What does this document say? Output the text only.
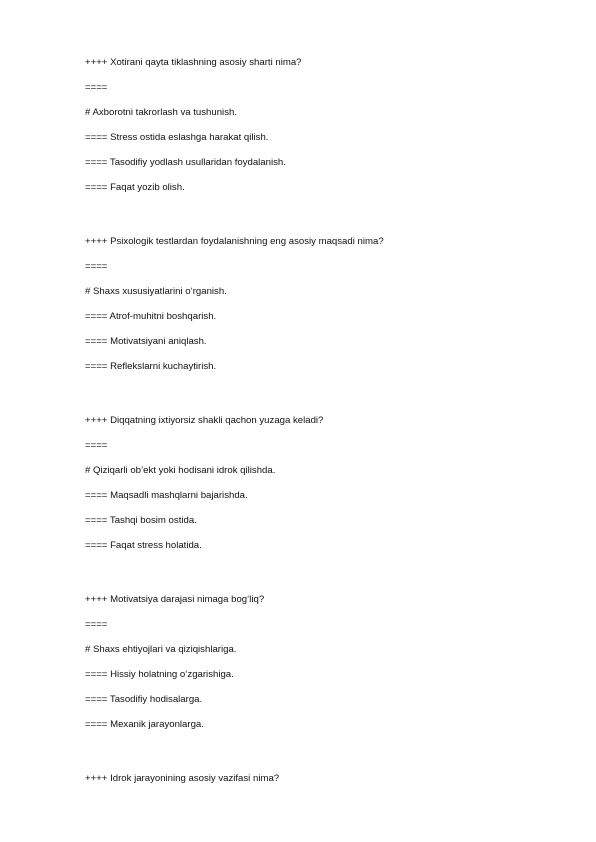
++++ Xotirani qayta tiklashning asosiy sharti nima?
====
# Axborotni takrorlash va tushunish.
==== Stress ostida eslashga harakat qilish.
==== Tasodifiy yodlash usullaridan foydalanish.
==== Faqat yozib olish.
++++ Psixologik testlardan foydalanishning eng asosiy maqsadi nima?
====
# Shaxs xususiyatlarini o‘rganish.
==== Atrof-muhitni boshqarish.
==== Motivatsiyani aniqlash.
==== Reflekslarni kuchaytirish.
++++ Diqqatning ixtiyorsiz shakli qachon yuzaga keladi?
====
# Qiziqarli ob’ekt yoki hodisani idrok qilishda.
==== Maqsadli mashqlarni bajarishda.
==== Tashqi bosim ostida.
==== Faqat stress holatida.
++++ Motivatsiya darajasi nimaga bog‘liq?
====
# Shaxs ehtiyojlari va qiziqishlariga.
==== Hissiy holatning o‘zgarishiga.
==== Tasodifiy hodisalarga.
==== Mexanik jarayonlarga.
++++ Idrok jarayonining asosiy vazifasi nima?
